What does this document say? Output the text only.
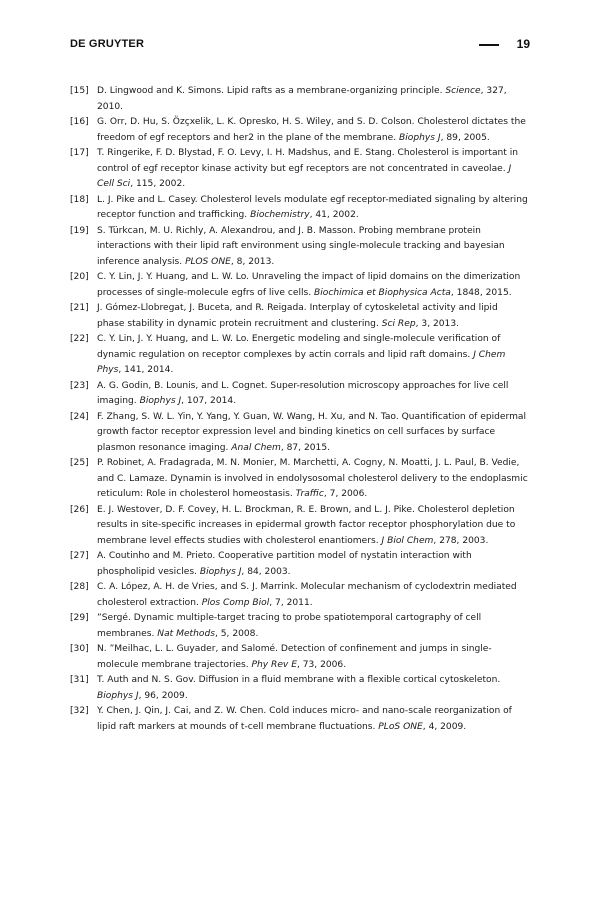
DE GRUYTER	19
[15] D. Lingwood and K. Simons. Lipid rafts as a membrane-organizing principle. Science, 327, 2010.
[16] G. Orr, D. Hu, S. Özçxelik, L. K. Opresko, H. S. Wiley, and S. D. Colson. Cholesterol dictates the freedom of egf receptors and her2 in the plane of the membrane. Biophys J, 89, 2005.
[17] T. Ringerike, F. D. Blystad, F. O. Levy, I. H. Madshus, and E. Stang. Cholesterol is important in control of egf receptor kinase activity but egf receptors are not concentrated in caveolae. J Cell Sci, 115, 2002.
[18] L. J. Pike and L. Casey. Cholesterol levels modulate egf receptor-mediated signaling by altering receptor function and trafficking. Biochemistry, 41, 2002.
[19] S. Türkcan, M. U. Richly, A. Alexandrou, and J. B. Masson. Probing membrane protein interactions with their lipid raft environment using single-molecule tracking and bayesian inference analysis. PLOS ONE, 8, 2013.
[20] C. Y. Lin, J. Y. Huang, and L. W. Lo. Unraveling the impact of lipid domains on the dimerization processes of single-molecule egfrs of live cells. Biochimica et Biophysica Acta, 1848, 2015.
[21] J. Gómez-Llobregat, J. Buceta, and R. Reigada. Interplay of cytoskeletal activity and lipid phase stability in dynamic protein recruitment and clustering. Sci Rep, 3, 2013.
[22] C. Y. Lin, J. Y. Huang, and L. W. Lo. Energetic modeling and single-molecule verification of dynamic regulation on receptor complexes by actin corrals and lipid raft domains. J Chem Phys, 141, 2014.
[23] A. G. Godin, B. Lounis, and L. Cognet. Super-resolution microscopy approaches for live cell imaging. Biophys J, 107, 2014.
[24] F. Zhang, S. W. L. Yin, Y. Yang, Y. Guan, W. Wang, H. Xu, and N. Tao. Quantification of epidermal growth factor receptor expression level and binding kinetics on cell surfaces by surface plasmon resonance imaging. Anal Chem, 87, 2015.
[25] P. Robinet, A. Fradagrada, M. N. Monier, M. Marchetti, A. Cogny, N. Moatti, J. L. Paul, B. Vedie, and C. Lamaze. Dynamin is involved in endolysosomal cholesterol delivery to the endoplasmic reticulum: Role in cholesterol homeostasis. Traffic, 7, 2006.
[26] E. J. Westover, D. F. Covey, H. L. Brockman, R. E. Brown, and L. J. Pike. Cholesterol depletion results in site-specific increases in epidermal growth factor receptor phosphorylation due to membrane level effects studies with cholesterol enantiomers. J Biol Chem, 278, 2003.
[27] A. Coutinho and M. Prieto. Cooperative partition model of nystatin interaction with phospholipid vesicles. Biophys J, 84, 2003.
[28] C. A. López, A. H. de Vries, and S. J. Marrink. Molecular mechanism of cyclodextrin mediated cholesterol extraction. Plos Comp Biol, 7, 2011.
[29] ”Sergé. Dynamic multiple-target tracing to probe spatiotemporal cartography of cell membranes. Nat Methods, 5, 2008.
[30] N. ”Meilhac, L. L. Guyader, and Salomé. Detection of confinement and jumps in single-molecule membrane trajectories. Phy Rev E, 73, 2006.
[31] T. Auth and N. S. Gov. Diffusion in a fluid membrane with a flexible cortical cytoskeleton. Biophys J, 96, 2009.
[32] Y. Chen, J. Qin, J. Cai, and Z. W. Chen. Cold induces micro- and nano-scale reorganization of lipid raft markers at mounds of t-cell membrane fluctuations. PLoS ONE, 4, 2009.
